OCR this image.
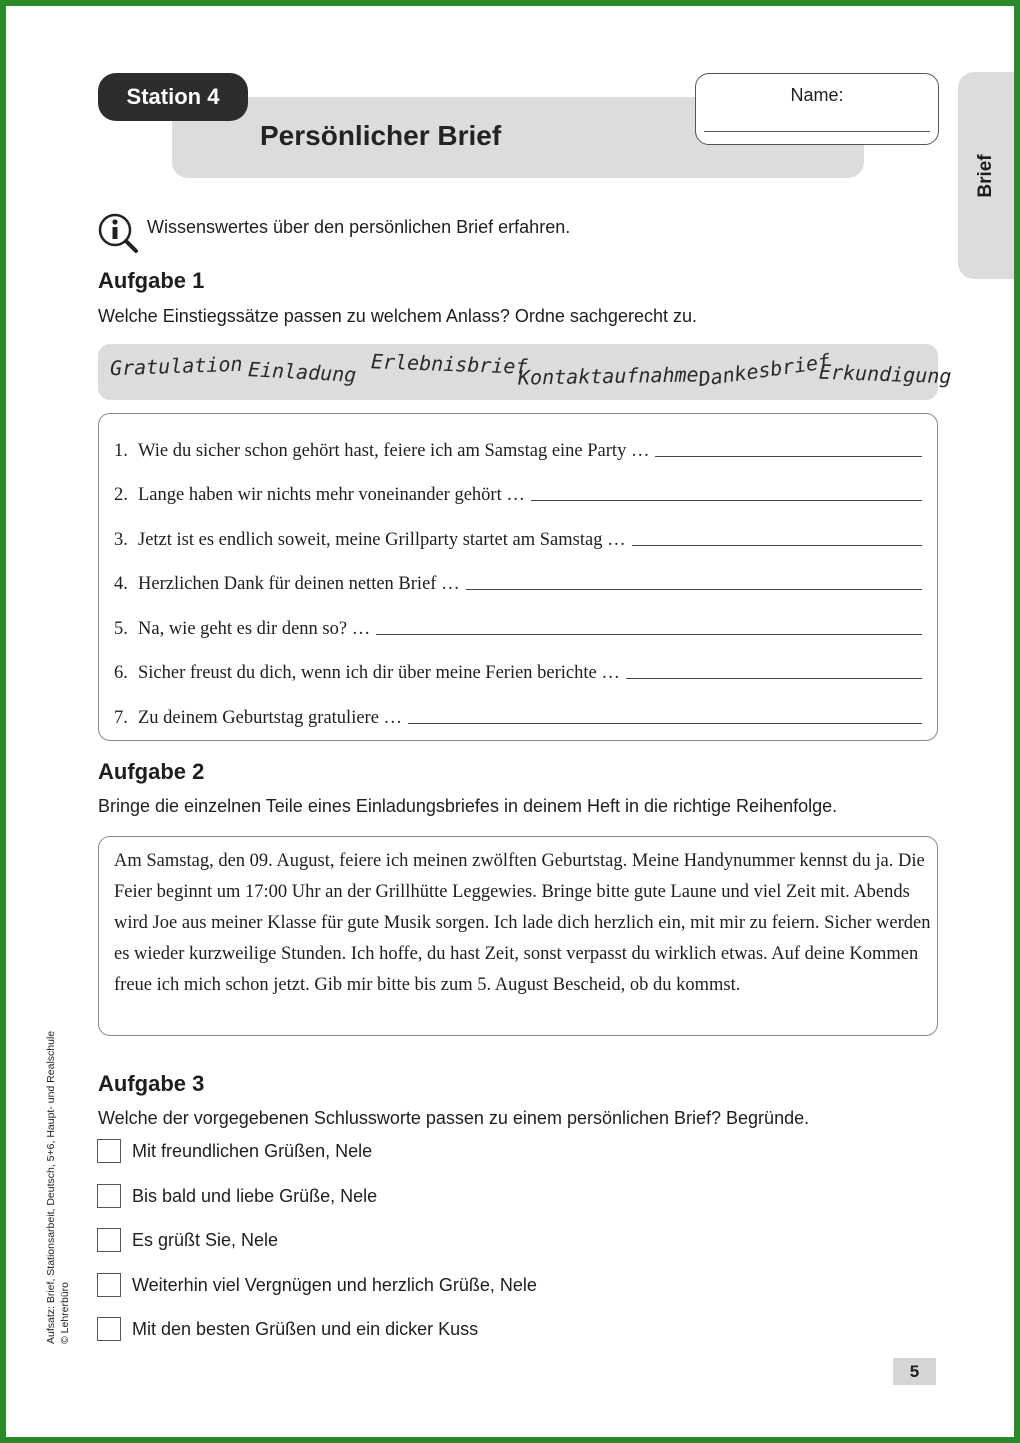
Station 4
Persönlicher Brief
Name:
Brief
Wissenswertes über den persönlichen Brief erfahren.
Aufgabe 1
Welche Einstiegssätze passen zu welchem Anlass? Ordne sachgerecht zu.
Gratulation Einladung Erlebnisbrief
Kontaktaufnahme
Dankesbrief
Erkundigung
1. Wie du sicher schon gehört hast, feiere ich am Samstag eine Party …
2. Lange haben wir nichts mehr voneinander gehört …
3. Jetzt ist es endlich soweit, meine Grillparty startet am Samstag …
4. Herzlichen Dank für deinen netten Brief …
5. Na, wie geht es dir denn so? …
6. Sicher freust du dich, wenn ich dir über meine Ferien berichte …
7. Zu deinem Geburtstag gratuliere …
Aufgabe 2
Bringe die einzelnen Teile eines Einladungsbriefes in deinem Heft in die richtige Reihenfolge.
Am Samstag, den 09. August, feiere ich meinen zwölften Geburtstag. Meine Handynummer kennst du ja. Die Feier beginnt um 17:00 Uhr an der Grillhütte Leggewies. Bringe bitte gute Laune und viel Zeit mit. Abends wird Joe aus meiner Klasse für gute Musik sorgen. Ich lade dich herzlich ein, mit mir zu feiern. Sicher werden es wieder kurzweilige Stunden. Ich hoffe, du hast Zeit, sonst verpasst du wirklich etwas. Auf deine Kommen freue ich mich schon jetzt. Gib mir bitte bis zum 5. August Bescheid, ob du kommst.
Aufgabe 3
Welche der vorgegebenen Schlussworte passen zu einem persönlichen Brief? Begründe.
Mit freundlichen Grüßen, Nele
Bis bald und liebe Grüße, Nele
Es grüßt Sie, Nele
Weiterhin viel Vergnügen und herzlich Grüße, Nele
Mit den besten Grüßen und ein dicker Kuss
Aufsatz: Brief, Stationsarbeit, Deutsch, 5+6, Haupt- und Realschule © Lehrerbüro
5
